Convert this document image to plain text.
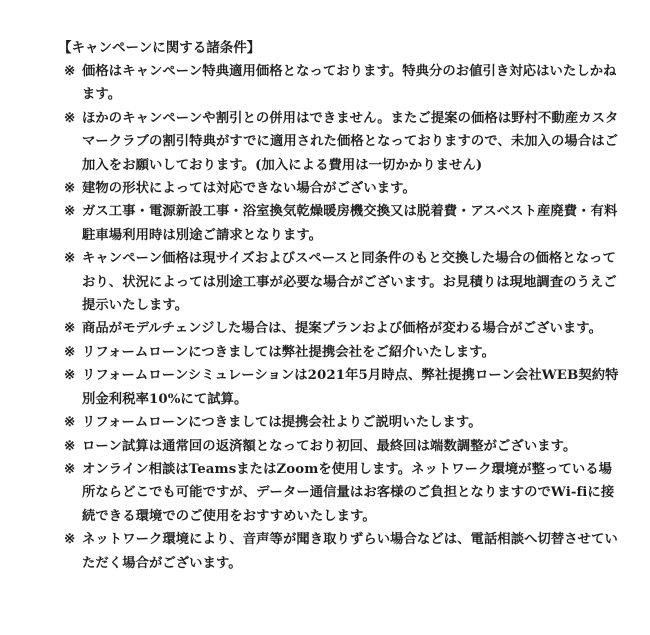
【キャンペーンに関する諸条件】
※ 価格はキャンペーン特典適用価格となっております。特典分のお値引き対応はいたしかねます。
※ ほかのキャンペーンや割引との併用はできません。またご提案の価格は野村不動産カスタマークラブの割引特典がすでに適用された価格となっておりますので、未加入の場合はご加入をお願いしております。(加入による費用は一切かかりません)
※ 建物の形状によっては対応できない場合がございます。
※ ガス工事・電源新設工事・浴室換気乾燥暖房機交換又は脱着費・アスベスト産廃費・有料駐車場利用時は別途ご請求となります。
※ キャンペーン価格は現サイズおよびスペースと同条件のもと交換した場合の価格となっており、状況によっては別途工事が必要な場合がございます。お見積りは現地調査のうえご提示いたします。
※ 商品がモデルチェンジした場合は、提案プランおよび価格が変わる場合がございます。
※ リフォームローンにつきましては弊社提携会社をご紹介いたします。
※ リフォームローンシミュレーションは2021年5月時点、弊社提携ローン会社WEB契約特別金利税率10%にて試算。
※ リフォームローンにつきましては提携会社よりご説明いたします。
※ ローン試算は通常回の返済額となっており初回、最終回は端数調整がございます。
※ オンライン相談はTeamsまたはZoomを使用します。ネットワーク環境が整っている場所ならどこでも可能ですが、データー通信量はお客様のご負担となりますのでWi-fiに接続できる環境でのご使用をおすすめいたします。
※ ネットワーク環境により、音声等が聞き取りずらい場合などは、電話相談へ切替させていただく場合がございます。
